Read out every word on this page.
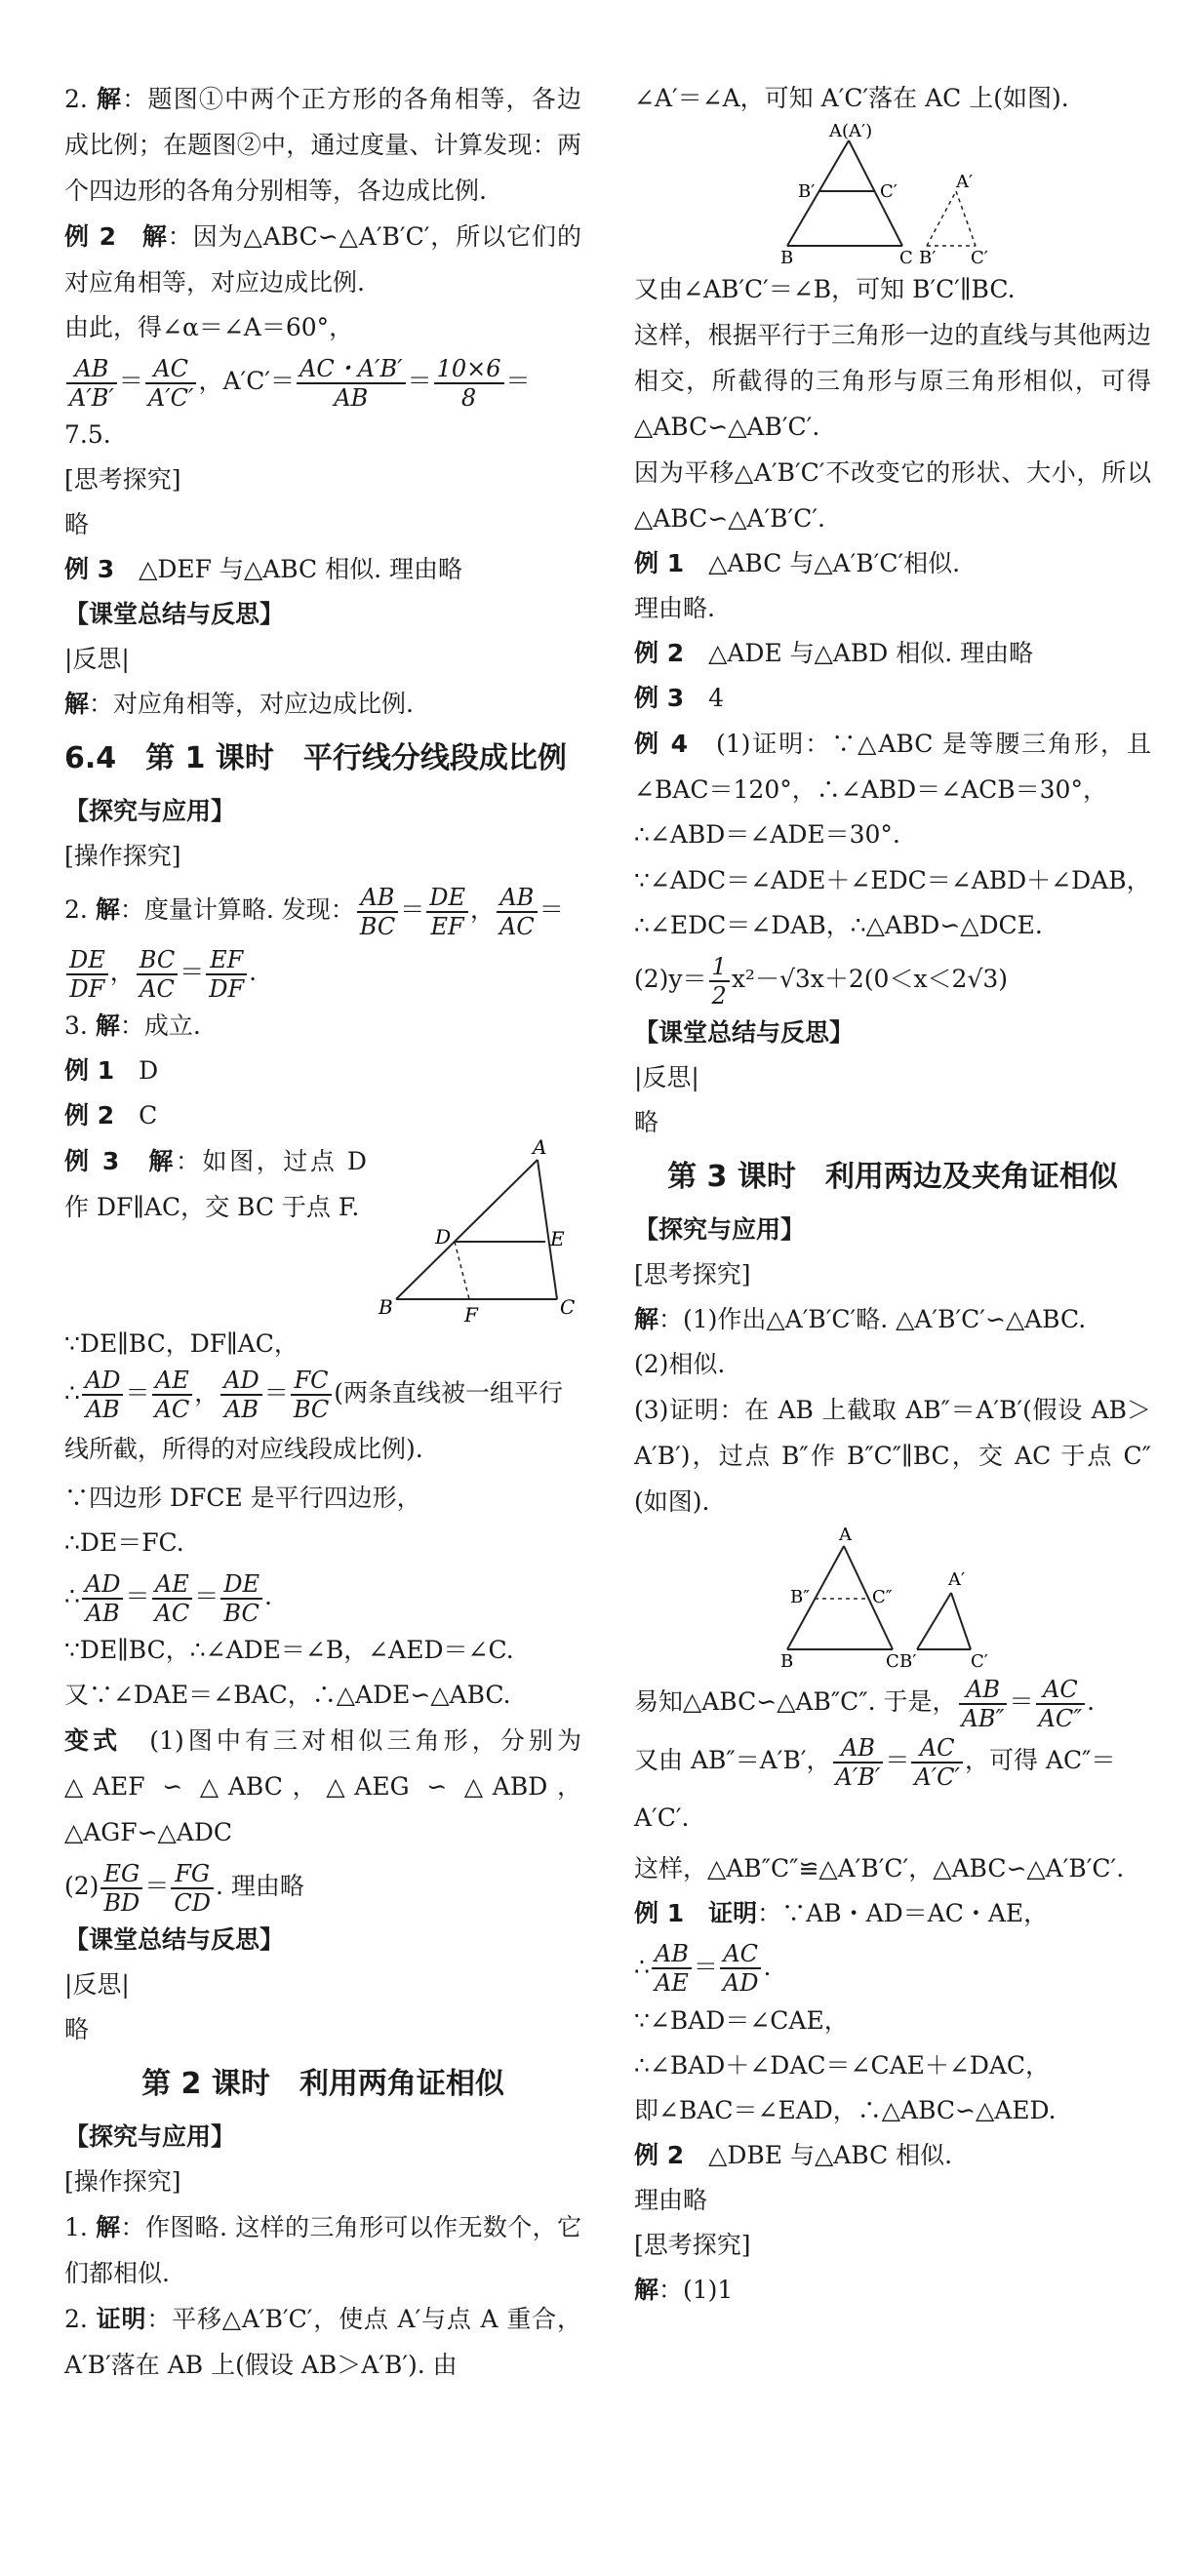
2. 解：题图①中两个正方形的各角相等，各边成比例；在题图②中，通过度量、计算发现：两个四边形的各角分别相等，各边成比例.
例 2　 解：因为△ABC∽△A′B′C′，所以它们的对应角相等，对应边成比例.
由此，得∠α＝∠A＝60°，
$\frac{AB}{A'B'} = \frac{AC}{A'C'}$ ，$A'C'= \frac{AC・A'B'}{AB} = \frac{10\times 6}{8}$ ＝
7.5.
[思考探究]
略
例 3　 △DEF 与△ABC 相似. 理由略
【课堂总结与反思】
|反思|
解：对应角相等，对应边成比例.
6.4　第 1 课时　平行线分线段成比例
【探究与应用】
[操作探究]
2. 解：度量计算略. 发现： $\frac{AB}{BC} = \frac{DE}{EF}$ ， $\frac{AB}{AC}$ ＝
$\frac{DE}{DF}$ ， $\frac{BC}{AC} = \frac{EF}{DF}$ .
3. 解：成立.
例 1　 D
例 2　 C
例 3　 解：如图，过点 D 作 DF∥AC，交 BC 于点 F.
A
D	E
B	F	C
∵DE∥BC，DF∥AC，
∴ $\frac{AD}{AB} = \frac{AE}{AC}$ ， $\frac{AD}{AB} = \frac{FC}{BC}$ (两条直线被一组平行线所截，所得的对应线段成比例).
∵四边形 DFCE 是平行四边形，
∴DE＝FC.
∴ $\frac{AD}{AB} = \frac{AE}{AC} = \frac{DE}{BC}$ .
∵DE∥BC，∴∠ADE＝∠B，∠AED＝∠C.
又∵∠DAE＝∠BAC，∴△ADE∽△ABC.
变式　 (1)图中有三对相似三角形，分别为△AEF ∽ △ABC，△AEG ∽ △ABD，△AGF∽△ADC
$(2) \frac{EG}{BD} = \frac{FG}{CD}$ . 理由略
【课堂总结与反思】
|反思|
略
第 2 课时　利用两角证相似
【探究与应用】
[操作探究]
1. 解：作图略. 这样的三角形可以作无数个，它们都相似.
2. 证明：平移△A′B′C′，使点 A′与点 A 重合，A′B′落在 AB 上(假设 AB＞A′B′). 由
∠A′＝∠A，可知 A′C′落在 AC 上(如图).
A(A′)
B′	C′
B	C
A′
B′ C′
又由∠AB′C′＝∠B，可知 B′C′∥BC.
这样，根据平行于三角形一边的直线与其他两边相交，所截得的三角形与原三角形相似，可得△ABC∽△AB′C′.
因为平移△A′B′C′不改变它的形状、大小，所以△ABC∽△A′B′C′.
例 1　 △ABC 与△A′B′C′相似.
理由略.
例 2　 △ADE 与△ABD 相似. 理由略
例 3　 4
例 4　 (1)证明：∵△ABC 是等腰三角形，且∠BAC＝120°，∴∠ABD＝∠ACB＝30°，
∴∠ABD＝∠ADE＝30°.
∵∠ADC＝∠ADE＋∠EDC＝∠ABD＋∠DAB，
∴∠EDC＝∠DAB，∴△ABD∽△DCE.
$(2)y= \frac{1}{2} x^2-√3x+2(0<x<2√3)$
【课堂总结与反思】
|反思|
略
第 3 课时　利用两边及夹角证相似
【探究与应用】
[思考探究]
解：(1)作出△A′B′C′略. △A′B′C′∽△ABC.
(2)相似.
(3)证明：在 AB 上截取 AB″＝A′B′(假设 AB＞A′B′)，过点 B″作 B″C″∥BC，交 AC 于点 C″(如图).
A
B″	C″
B	C
A′
B′	C′
易知△ABC∽△AB″C″. 于是， $\frac{AB}{AB''} = \frac{AC}{AC''}$ .
又由 AB″＝A′B′， $\frac{AB}{A'B'} = \frac{AC}{A'C'}$ ，可得 AC″＝A′C′.
这样，△AB″C″≌△A′B′C′，△ABC∽△A′B′C′.
例 1　 证明：∵AB・AD＝AC・AE，
∴ $\frac{AB}{AE} = \frac{AC}{AD}$ .
∵∠BAD＝∠CAE，
∴∠BAD＋∠DAC＝∠CAE＋∠DAC，
即∠BAC＝∠EAD，∴△ABC∽△AED.
例 2　 △DBE 与△ABC 相似.
理由略
[思考探究]
解：(1)1
